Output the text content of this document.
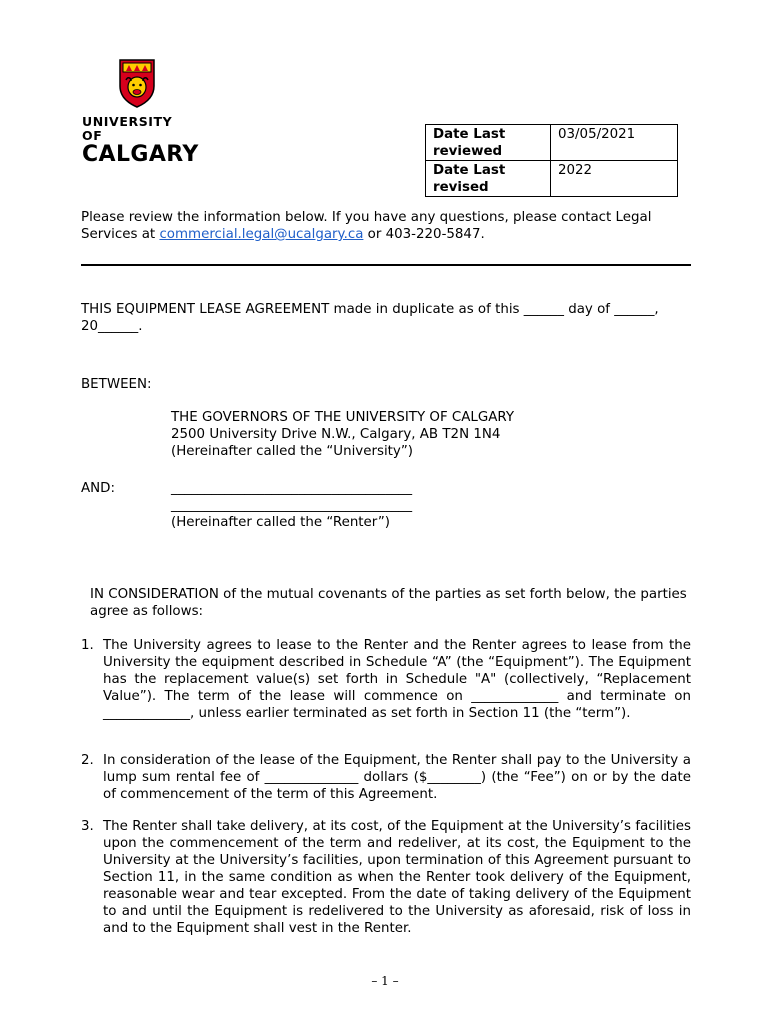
UNIVERSITY OF
CALGARY
Date Last reviewed	03/05/2021
Date Last revised	2022
Please review the information below. If you have any questions, please contact Legal Services at commercial.legal@ucalgary.ca or 403-220-5847.
THIS EQUIPMENT LEASE AGREEMENT made in duplicate as of this ______ day of ______, 20______.
BETWEEN:
THE GOVERNORS OF THE UNIVERSITY OF CALGARY
2500 University Drive N.W., Calgary, AB T2N 1N4
(Hereinafter called the “University”)
AND:	____________________________________
____________________________________
(Hereinafter called the “Renter”)
IN CONSIDERATION of the mutual covenants of the parties as set forth below, the parties agree as follows:
1. The University agrees to lease to the Renter and the Renter agrees to lease from the University the equipment described in Schedule “A” (the “Equipment”). The Equipment has the replacement value(s) set forth in Schedule "A" (collectively, “Replacement Value”). The term of the lease will commence on _____________ and terminate on _____________, unless earlier terminated as set forth in Section 11 (the “term”).
2. In consideration of the lease of the Equipment, the Renter shall pay to the University a lump sum rental fee of ______________ dollars ($________) (the “Fee”) on or by the date of commencement of the term of this Agreement.
3. The Renter shall take delivery, at its cost, of the Equipment at the University’s facilities upon the commencement of the term and redeliver, at its cost, the Equipment to the University at the University’s facilities, upon termination of this Agreement pursuant to Section 11, in the same condition as when the Renter took delivery of the Equipment, reasonable wear and tear excepted. From the date of taking delivery of the Equipment to and until the Equipment is redelivered to the University as aforesaid, risk of loss in and to the Equipment shall vest in the Renter.
– 1 –
